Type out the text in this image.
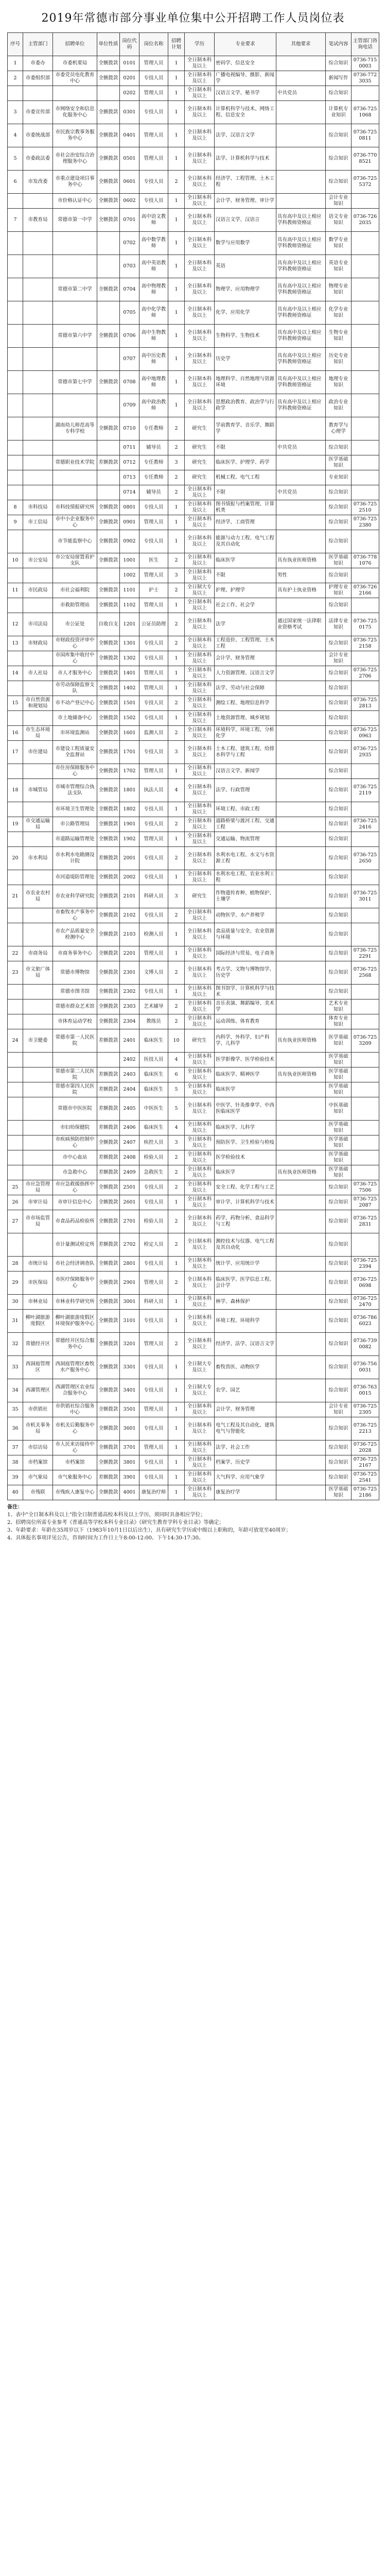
2019年常德市部分事业单位集中公开招聘工作人员岗位表
序号	主管部门	招聘单位	单位性质	岗位代码	岗位名称	招聘计划	学历	专业要求	其他要求	笔试内容	主管部门咨询电话
1	市委办	市委机要局	全额拨款	0101	管理人员	1	全日制本科及以上	密码学、信息安全		综合知识	0736-7150003
2	市委组织部	市委党员电化教育中心	全额拨款	0201	专技人员	1	全日制本科及以上	广播电视编导、摄影、新闻学		新闻写作	0736-7723035
				0202	管理人员	1	全日制本科及以上	汉语言文学、秘书学	中共党员	综合知识	
3	市委宣传部	市网络安全和信息化服务中心	全额拨款	0301	专技人员	1	全日制本科及以上	计算机科学与技术、网络工程、信息安全		计算机专业知识	0736-7251068
4	市委统战部	市民族宗教事务服务中心	全额拨款	0401	管理人员	1	全日制本科及以上	法学、汉语言文学		综合知识	0736-7250811
5	市委政法委	市社会治安综合治理服务中心	全额拨款	0501	管理人员	1	全日制本科及以上	法学、计算机科学与技术		综合知识	0736-7708521
6	市发改委	市重点建设项目事务中心	全额拨款	0601	专技人员	2	全日制本科及以上	经济学、工程管理、土木工程		综合知识	0736-7255372
		市价格认证中心	全额拨款	0602	专技人员	1	全日制本科及以上	会计学、财务管理、审计学		会计专业知识	
7	市教育局	常德市第一中学	全额拨款	0701	高中语文教师	1	全日制本科及以上	汉语言文学、汉语言	具有高中及以上相应学科教师资格证	语文专业知识	0736-7262035
				0702	高中数学教师	1	全日制本科及以上	数学与应用数学	具有高中及以上相应学科教师资格证	数学专业知识	
				0703	高中英语教师	1	全日制本科及以上	英语	具有高中及以上相应学科教师资格证	英语专业知识	
		常德市第二中学	全额拨款	0704	高中物理教师	1	全日制本科及以上	物理学、应用物理学	具有高中及以上相应学科教师资格证	物理专业知识	
				0705	高中化学教师	1	全日制本科及以上	化学、应用化学	具有高中及以上相应学科教师资格证	化学专业知识	
		常德市第六中学	全额拨款	0706	高中生物教师	1	全日制本科及以上	生物科学、生物技术	具有高中及以上相应学科教师资格证	生物专业知识	
				0707	高中历史教师	1	全日制本科及以上	历史学	具有高中及以上相应学科教师资格证	历史专业知识	
		常德市第七中学	全额拨款	0708	高中地理教师	1	全日制本科及以上	地理科学、自然地理与资源环境	具有高中及以上相应学科教师资格证	地理专业知识	
				0709	高中政治教师	1	全日制本科及以上	思想政治教育、政治学与行政学	具有高中及以上相应学科教师资格证	政治专业知识	
		湖南幼儿师范高等专科学校	全额拨款	0710	专任教师	2	研究生	学前教育学、音乐学、舞蹈学		教育学与心理学	
				0711	辅导员	2	研究生	不限	中共党员	综合知识	
		常德职业技术学院	差额拨款	0712	专任教师	3	研究生	临床医学、护理学、药学		医学基础知识	
				0713	专任教师	2	研究生	机械工程、电气工程		专业知识	
				0714	辅导员	2	全日制本科及以上	不限	中共党员	综合知识	
8	市科技局	市科技情报研究所	全额拨款	0801	专技人员	1	全日制本科及以上	图书情报与档案管理、计算机类		综合知识	0736-7252510
9	市工信局	市中小企业服务中心	全额拨款	0901	管理人员	1	全日制本科及以上	经济学、工商管理		综合知识	0736-7252380
		市节能监察中心	全额拨款	0902	专技人员	1	全日制本科及以上	能源与动力工程、电气工程及其自动化		综合知识	
10	市公安局	市公安局留置看护支队	全额拨款	1001	医生	2	全日制本科及以上	临床医学	具有执业医师资格	医学基础知识	0736-7781076
				1002	管理人员	3	全日制本科及以上	不限	男性	综合知识	
11	市民政局	市社会福利院	全额拨款	1101	护士	2	全日制大专及以上	护理、护理学	具有护士执业资格	护理专业知识	0736-7262166
		市救助管理站	全额拨款	1102	管理人员	1	全日制本科及以上	社会工作、社会学		综合知识	
12	市司法局	市公证处	自收自支	1201	公证员助理	2	全日制本科及以上	法学	通过国家统一法律职业资格考试	法律专业知识	0736-7250175
13	市财政局	市财政投资评审中心	全额拨款	1301	专技人员	2	全日制本科及以上	工程造价、工程管理、土木工程		综合知识	0736-7252158
		市国库集中收付中心	全额拨款	1302	专技人员	1	全日制本科及以上	会计学、财务管理		会计专业知识	
14	市人社局	市人才服务中心	全额拨款	1401	管理人员	1	全日制本科及以上	人力资源管理、汉语言文学		综合知识	0736-7252706
		市劳动保障监察支队	全额拨款	1402	管理人员	1	全日制本科及以上	法学、劳动与社会保障		综合知识	
15	市自然资源和规划局	市不动产登记中心	全额拨款	1501	专技人员	2	全日制本科及以上	测绘工程、地理信息科学		综合知识	0736-7252813
		市土地储备中心	全额拨款	1502	专技人员	1	全日制本科及以上	土地资源管理、城乡规划		综合知识	
16	市生态环境局	市环境监测站	全额拨款	1601	监测人员	2	全日制本科及以上	环境科学、环境工程、分析化学		综合知识	0736-7250963
17	市住建局	市建设工程质量安全监督站	全额拨款	1701	专技人员	3	全日制本科及以上	土木工程、建筑工程、给排水科学与工程		综合知识	0736-7252935
		市住房保障服务中心	全额拨款	1702	管理人员	1	全日制本科及以上	汉语言文学、新闻学		综合知识	
18	市城管局	市城市管理综合执法支队	全额拨款	1801	执法人员	4	全日制本科及以上	法学、行政管理		综合知识	0736-7252119
		市环境卫生管理处	全额拨款	1802	专技人员	1	全日制本科及以上	环境工程、市政工程		综合知识	
19	市交通运输局	市公路管理局	全额拨款	1901	专技人员	2	全日制本科及以上	道路桥梁与渡河工程、交通工程		综合知识	0736-7252416
		市道路运输管理处	全额拨款	1902	管理人员	1	全日制本科及以上	交通运输、物流管理		综合知识	
20	市水利局	市水利水电勘测设计院	差额拨款	2001	专技人员	2	全日制本科及以上	水利水电工程、水文与水资源工程		综合知识	0736-7252650
		市河道堤防管理处	全额拨款	2002	专技人员	1	全日制本科及以上	水利水电工程、农业水利工程		综合知识	
21	市农业农村局	市农业科学研究院	全额拨款	2101	科研人员	3	研究生	作物遗传育种、植物保护、土壤学		综合知识	0736-7253011
		市畜牧水产事务中心	全额拨款	2102	专技人员	2	全日制本科及以上	动物医学、水产养殖学		综合知识	
		市农产品质量安全检测中心	全额拨款	2103	检测人员	1	全日制本科及以上	食品质量与安全、农业资源与环境		综合知识	
22	市商务局	市商务事务中心	全额拨款	2201	管理人员	1	全日制本科及以上	国际经济与贸易、电子商务		综合知识	0736-7252291
23	市文旅广体局	常德市博物馆	全额拨款	2301	文博人员	2	全日制本科及以上	考古学、文物与博物馆学、历史学		综合知识	0736-7252568
		常德市图书馆	全额拨款	2302	专技人员	1	全日制本科及以上	图书馆学、计算机科学与技术		综合知识	
		常德市群众艺术馆	全额拨款	2303	艺术辅导	2	全日制本科及以上	音乐表演、舞蹈编导、美术学		艺术专业知识	
		市体育运动学校	全额拨款	2304	教练员	2	全日制本科及以上	运动训练、体育教育		体育专业知识	
24	市卫健委	常德市第一人民医院	差额拨款	2401	临床医生	10	研究生	内科学、外科学、妇产科学、儿科学	具有执业医师资格	医学基础知识	0736-7253209
				2402	医技人员	4	全日制本科及以上	医学影像学、医学检验技术		医学基础知识	
		常德市第二人民医院	差额拨款	2403	临床医生	6	全日制本科及以上	临床医学、精神医学	具有执业医师资格	医学基础知识	
		常德市第四人民医院	差额拨款	2404	临床医生	5	全日制本科及以上	临床医学		医学基础知识	
		常德市中医医院	差额拨款	2405	中医医生	5	全日制本科及以上	中医学、针灸推拿学、中西医临床医学		中医基础知识	
		市妇幼保健院	差额拨款	2406	临床医生	4	全日制本科及以上	临床医学、儿科学		医学基础知识	
		市疾病预防控制中心	全额拨款	2407	疾控人员	3	全日制本科及以上	预防医学、卫生检验与检疫		医学基础知识	
		市中心血站	差额拨款	2408	检验人员	2	全日制本科及以上	医学检验技术		医学基础知识	
		市急救中心	差额拨款	2409	急救医生	2	全日制本科及以上	临床医学	具有执业医师资格	医学基础知识	
25	市应急管理局	市应急救援指挥中心	全额拨款	2501	专技人员	2	全日制本科及以上	安全工程、化学工程与工艺		综合知识	0736-7257506
26	市审计局	市审计信息中心	全额拨款	2601	专技人员	1	全日制本科及以上	审计学、计算机科学与技术		综合知识	0736-7252087
27	市市场监管局	市食品药品检验所	全额拨款	2701	检验人员	2	全日制本科及以上	药学、药物分析、食品科学与工程		综合知识	0736-7252831
		市计量测试检定所	差额拨款	2702	检定人员	2	全日制本科及以上	测控技术与仪器、电气工程及其自动化		综合知识	
28	市统计局	市社会经济调查队	全额拨款	2801	专技人员	1	全日制本科及以上	统计学、应用统计学		综合知识	0736-7252394
29	市医保局	市医疗保障服务中心	全额拨款	2901	管理人员	2	全日制本科及以上	临床医学、医学信息工程、会计学		综合知识	0736-7250698
30	市林业局	市林业科学研究所	全额拨款	3001	科研人员	1	全日制本科及以上	林学、森林保护		综合知识	0736-7252470
31	柳叶湖旅游度假区	柳叶湖旅游度假区环境保护服务中心	全额拨款	3101	专技人员	1	全日制本科及以上	环境工程、环境科学		综合知识	0736-7866023
32	常德经开区	常德经开区综合服务中心	全额拨款	3201	管理人员	2	全日制本科及以上	经济学、法学、汉语言文学		综合知识	0736-7390082
33	西洞庭管理区	西洞庭管理区畜牧水产服务中心	全额拨款	3301	专技人员	1	全日制大专及以上	畜牧兽医、动物医学		综合知识	0736-7560031
34	西湖管理区	西湖管理区农业综合服务中心	全额拨款	3401	专技人员	1	全日制大专及以上	农学、园艺		综合知识	0736-7630015
35	市供销社	市供销社综合服务中心	全额拨款	3501	管理人员	1	全日制本科及以上	会计学、财务管理		会计专业知识	0736-7252305
36	市机关事务局	市机关后勤服务中心	全额拨款	3601	专技人员	1	全日制本科及以上	电气工程及其自动化、建筑电气与智能化		综合知识	0736-7252213
37	市信访局	市人民来访接待中心	全额拨款	3701	管理人员	1	全日制本科及以上	法学、社会工作		综合知识	0736-7252028
38	市档案馆	市档案馆	全额拨款	3801	专技人员	1	全日制本科及以上	档案学、历史学		综合知识	0736-7252167
39	市气象局	市气象服务中心	差额拨款	3901	专技人员	1	全日制本科及以上	大气科学、应用气象学		综合知识	0736-7252541
40	市残联	市残疾人康复中心	全额拨款	4001	康复治疗师	1	全日制本科及以上	康复治疗学		医学基础知识	0736-7252186
备注：
1、表中"全日制本科及以上"指全日制普通高校本科及以上学历，须同时具备相应学位；
2、招聘岗位所需专业参考《普通高等学校本科专业目录》《研究生教育学科专业目录》等确定；
3、年龄要求：年龄在35周岁以下（1983年10月1日以后出生），具有研究生学历或中级以上职称的，年龄可放宽至40周岁；
4、具体报名事项详见公告，咨询时间为工作日上午8:00-12:00、下午14:30-17:30。
